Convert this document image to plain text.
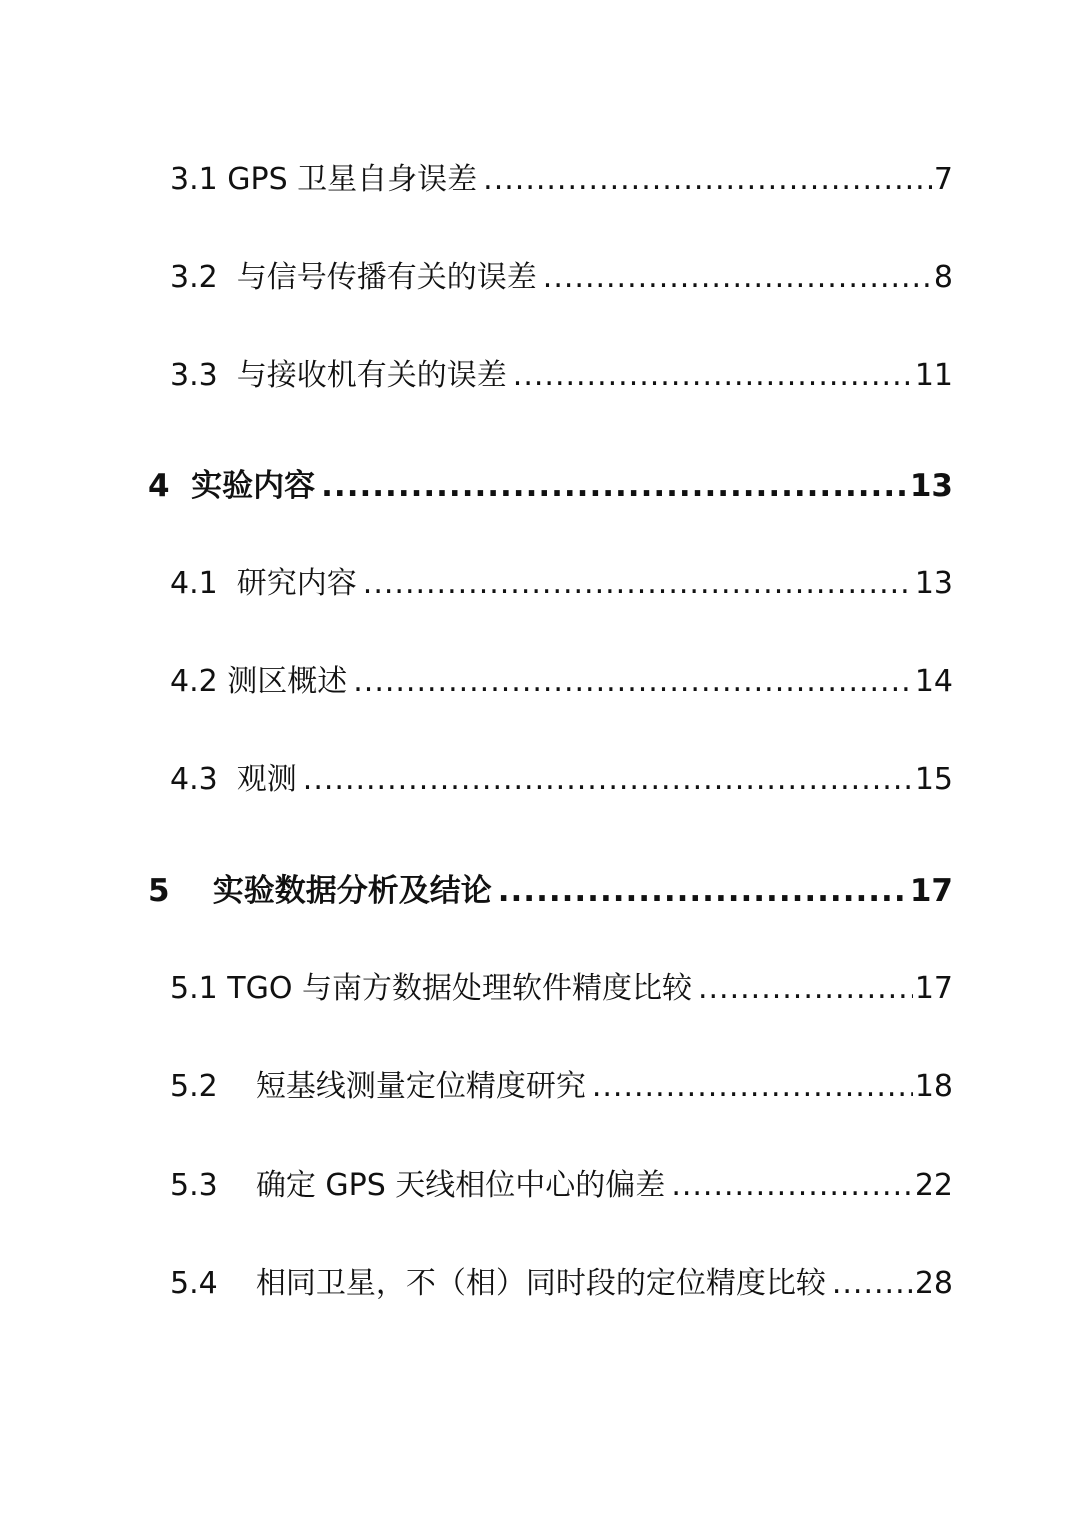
3.1 GPS 卫星自身误差 .....	7
3.2 与信号传播有关的误差 .....	8
3.3 与接收机有关的误差 .....	11
4 实验内容 .....	13
4.1 研究内容 .....	13
4.2 测区概述 .....	14
4.3 观测 .....	15
5 实验数据分析及结论 .....	17
5.1 TGO 与南方数据处理软件精度比较 .....	17
5.2 短基线测量定位精度研究 .....	18
5.3 确定 GPS 天线相位中心的偏差 .....	22
5.4 相同卫星，不（相）同时段的定位精度比较 .....	28
